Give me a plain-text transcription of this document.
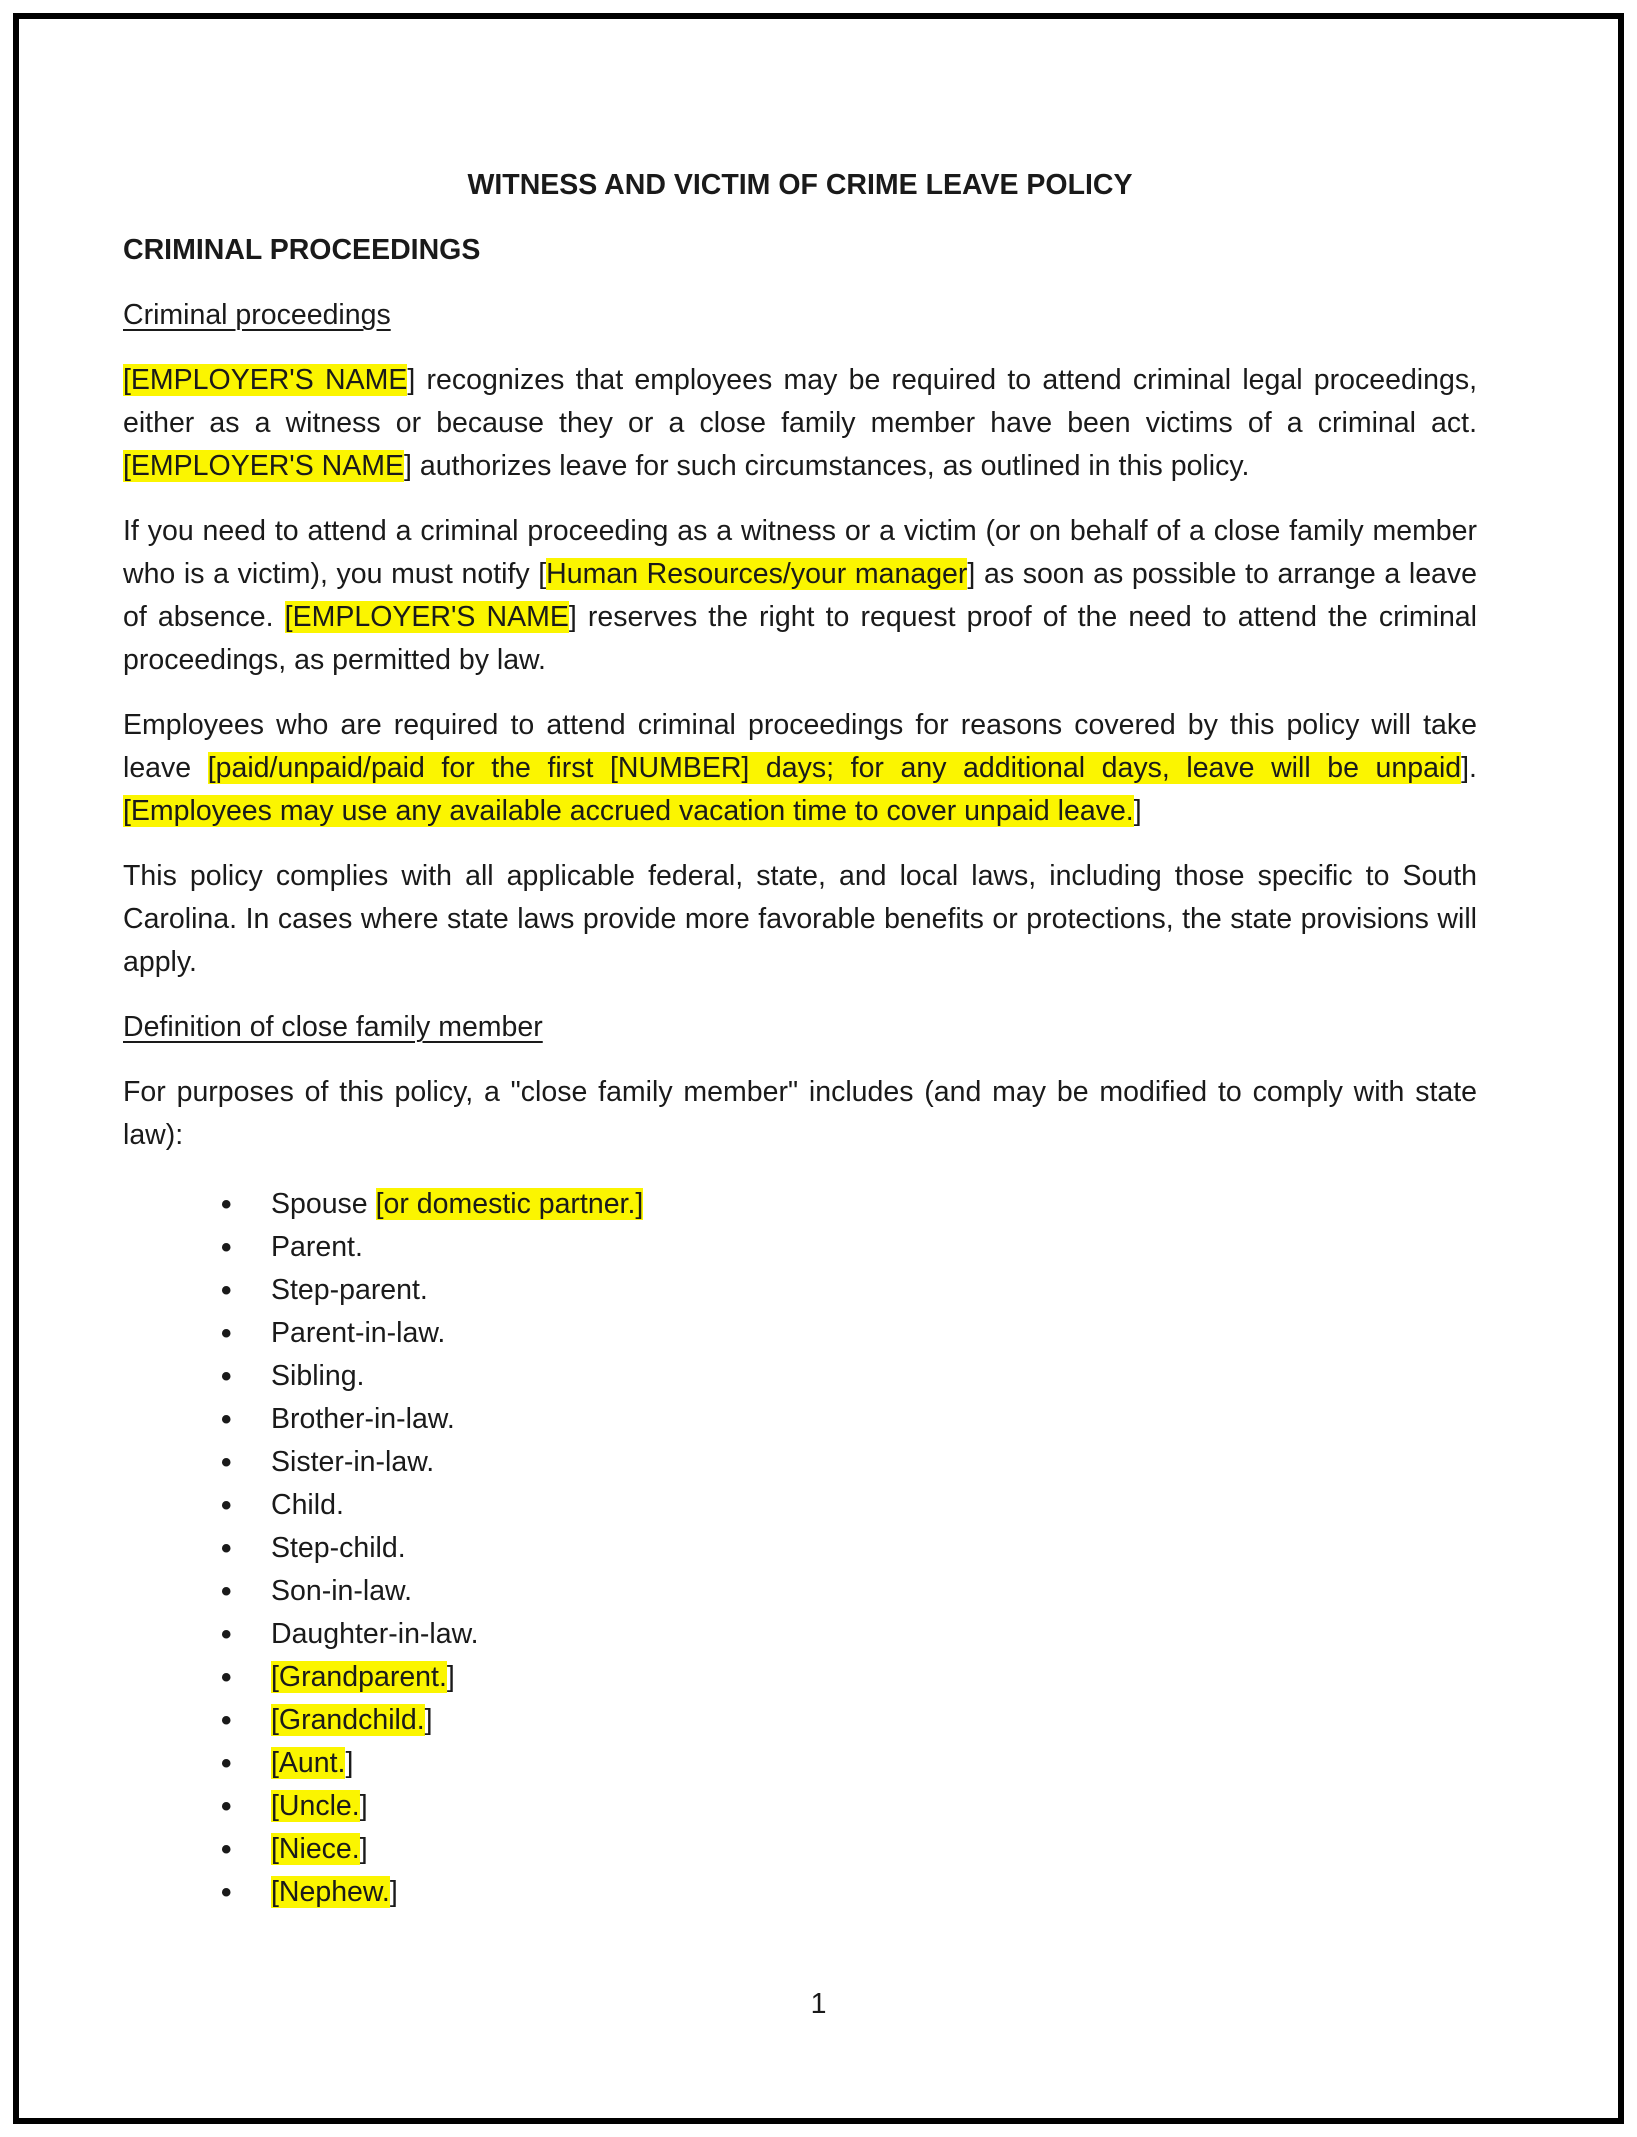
WITNESS AND VICTIM OF CRIME LEAVE POLICY
CRIMINAL PROCEEDINGS
Criminal proceedings

[EMPLOYER'S NAME] recognizes that employees may be required to attend criminal legal proceedings, either as a witness or because they or a close family member have been victims of a criminal act. [EMPLOYER'S NAME] authorizes leave for such circumstances, as outlined in this policy.

If you need to attend a criminal proceeding as a witness or a victim (or on behalf of a close family member who is a victim), you must notify [Human Resources/your manager] as soon as possible to arrange a leave of absence. [EMPLOYER'S NAME] reserves the right to request proof of the need to attend the criminal proceedings, as permitted by law.

Employees who are required to attend criminal proceedings for reasons covered by this policy will take leave [paid/unpaid/paid for the first [NUMBER] days; for any additional days, leave will be unpaid]. [Employees may use any available accrued vacation time to cover unpaid leave.]

This policy complies with all applicable federal, state, and local laws, including those specific to South Carolina. In cases where state laws provide more favorable benefits or protections, the state provisions will apply.

Definition of close family member

For purposes of this policy, a "close family member" includes (and may be modified to comply with state law):

• Spouse [or domestic partner.]
• Parent.
• Step-parent.
• Parent-in-law.
• Sibling.
• Brother-in-law.
• Sister-in-law.
• Child.
• Step-child.
• Son-in-law.
• Daughter-in-law.
• [Grandparent.]
• [Grandchild.]
• [Aunt.]
• [Uncle.]
• [Niece.]
• [Nephew.]
1
